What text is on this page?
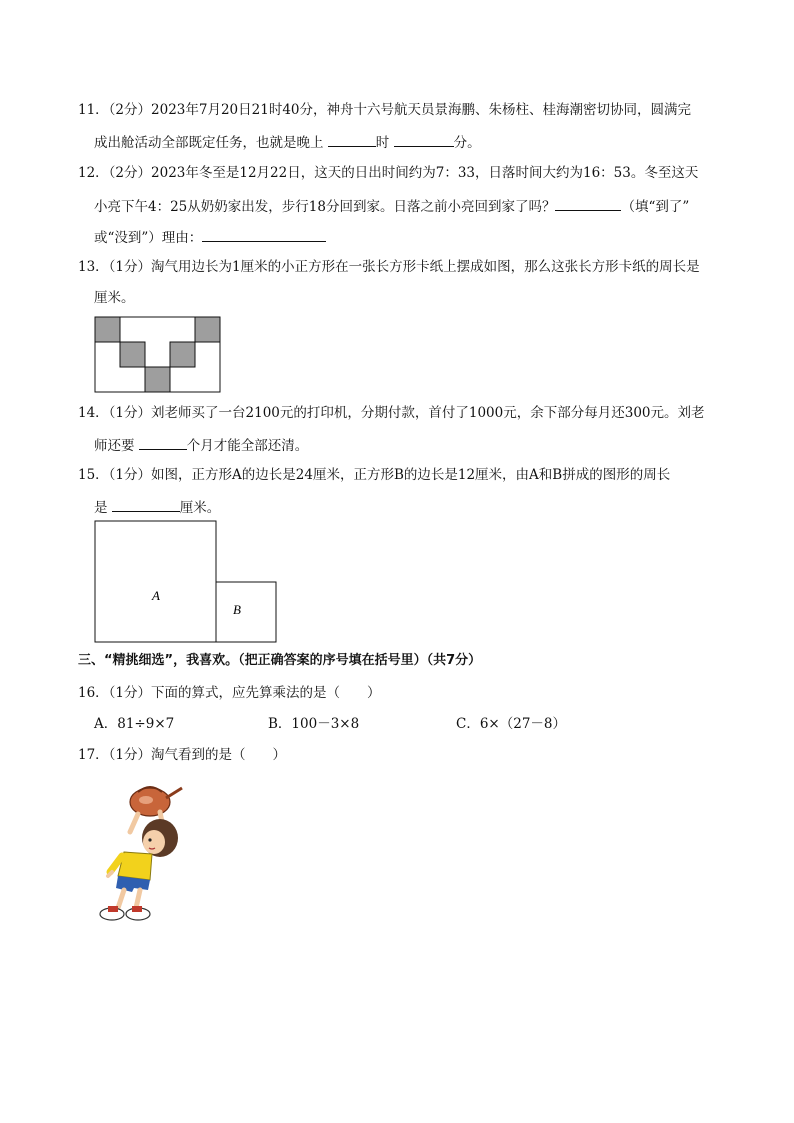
11．（2分）2023年7月20日21时40分，神舟十六号航天员景海鹏、朱杨柱、桂海潮密切协同，圆满完
成出舱活动全部既定任务，也就是晚上	时	分。
12．（2分）2023年冬至是12月22日，这天的日出时间约为7：33，日落时间大约为16：53。冬至这天
小亮下午4：25从奶奶家出发，步行18分回到家。日落之前小亮回到家了吗？	（填“到了”
或“没到”）理由：
13．（1分）淘气用边长为1厘米的小正方形在一张长方形卡纸上摆成如图，那么这张长方形卡纸的周长是
厘米。
14．（1分）刘老师买了一台2100元的打印机，分期付款，首付了1000元，余下部分每月还300元。刘老
师还要	个月才能全部还清。
15．（1分）如图，正方形A的边长是24厘米，正方形B的边长是12厘米，由A和B拼成的图形的周长
是	厘米。
A
B
三、“精挑细选”，我喜欢。（把正确答案的序号填在括号里）（共7分）
16．（1分）下面的算式，应先算乘法的是（　　）
A．81÷9×7	B．100－3×8	C．6×（27－8）
17．（1分）淘气看到的是（　　）
